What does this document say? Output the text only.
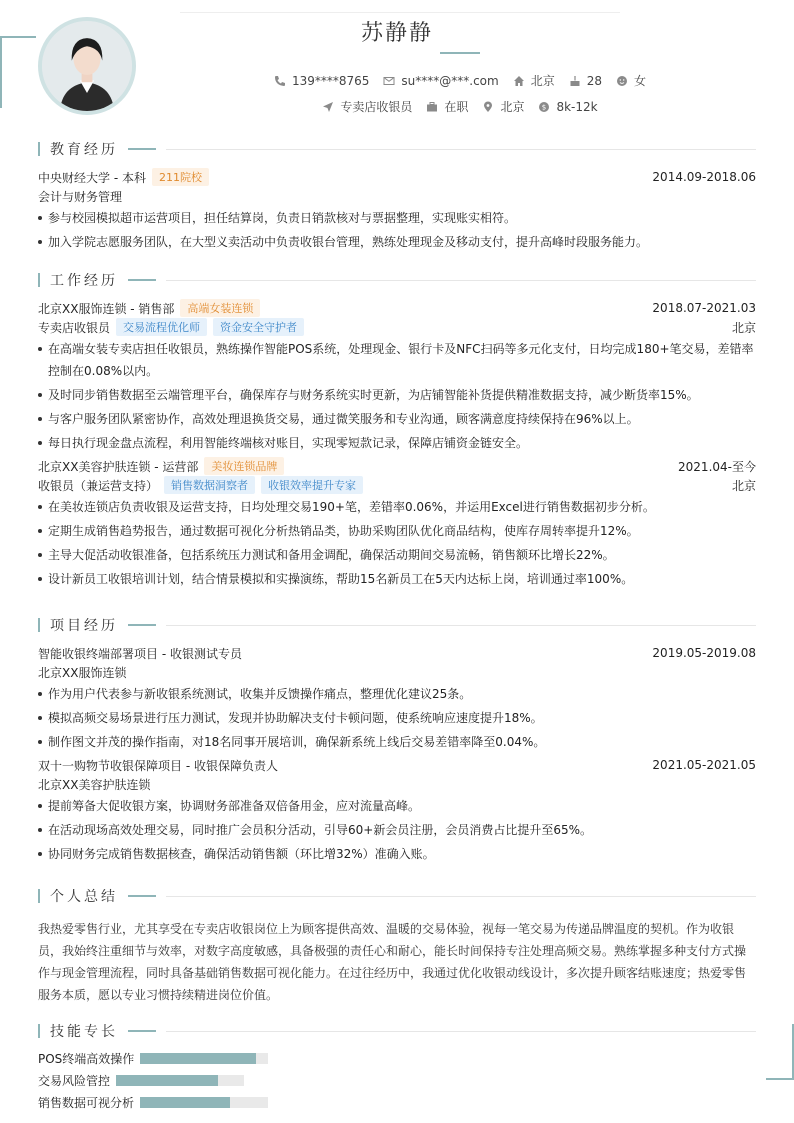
苏静静
139****8765	su****@***.com	北京	28	女
专卖店收银员	在职	北京	$ 8k-12k
教育经历
中央财经大学 - 本科	211院校	2014.09-2018.06
会计与财务管理
参与校园模拟超市运营项目，担任结算岗，负责日销款核对与票据整理，实现账实相符。
加入学院志愿服务团队，在大型义卖活动中负责收银台管理，熟练处理现金及移动支付，提升高峰时段服务能力。
工作经历
北京XX服饰连锁 - 销售部	高端女装连锁	2018.07-2021.03
专卖店收银员	交易流程优化师	资金安全守护者	北京
在高端女装专卖店担任收银员，熟练操作智能POS系统，处理现金、银行卡及NFC扫码等多元化支付，日均完成180+笔交易，差错率控制在0.08%以内。
及时同步销售数据至云端管理平台，确保库存与财务系统实时更新，为店铺智能补货提供精准数据支持，减少断货率15%。
与客户服务团队紧密协作，高效处理退换货交易，通过微笑服务和专业沟通，顾客满意度持续保持在96%以上。
每日执行现金盘点流程，利用智能终端核对账目，实现零短款记录，保障店铺资金链安全。
北京XX美容护肤连锁 - 运营部	美妆连锁品牌	2021.04-至今
收银员（兼运营支持）	销售数据洞察者	收银效率提升专家	北京
在美妆连锁店负责收银及运营支持，日均处理交易190+笔，差错率0.06%，并运用Excel进行销售数据初步分析。
定期生成销售趋势报告，通过数据可视化分析热销品类，协助采购团队优化商品结构，使库存周转率提升12%。
主导大促活动收银准备，包括系统压力测试和备用金调配，确保活动期间交易流畅，销售额环比增长22%。
设计新员工收银培训计划，结合情景模拟和实操演练，帮助15名新员工在5天内达标上岗，培训通过率100%。
项目经历
智能收银终端部署项目 - 收银测试专员	2019.05-2019.08
北京XX服饰连锁
作为用户代表参与新收银系统测试，收集并反馈操作痛点，整理优化建议25条。
模拟高频交易场景进行压力测试，发现并协助解决支付卡顿问题，使系统响应速度提升18%。
制作图文并茂的操作指南，对18名同事开展培训，确保新系统上线后交易差错率降至0.04%。
双十一购物节收银保障项目 - 收银保障负责人	2021.05-2021.05
北京XX美容护肤连锁
提前筹备大促收银方案，协调财务部准备双倍备用金，应对流量高峰。
在活动现场高效处理交易，同时推广会员积分活动，引导60+新会员注册，会员消费占比提升至65%。
协同财务完成销售数据核查，确保活动销售额（环比增32%）准确入账。
个人总结
我热爱零售行业，尤其享受在专卖店收银岗位上为顾客提供高效、温暖的交易体验，视每一笔交易为传递品牌温度的契机。作为收银员，我始终注重细节与效率，对数字高度敏感，具备极强的责任心和耐心，能长时间保持专注处理高频交易。熟练掌握多种支付方式操作与现金管理流程，同时具备基础销售数据可视化能力。在过往经历中，我通过优化收银动线设计，多次提升顾客结账速度；热爱零售服务本质，愿以专业习惯持续精进岗位价值。
技能专长
POS终端高效操作
交易风险管控
销售数据可视分析
